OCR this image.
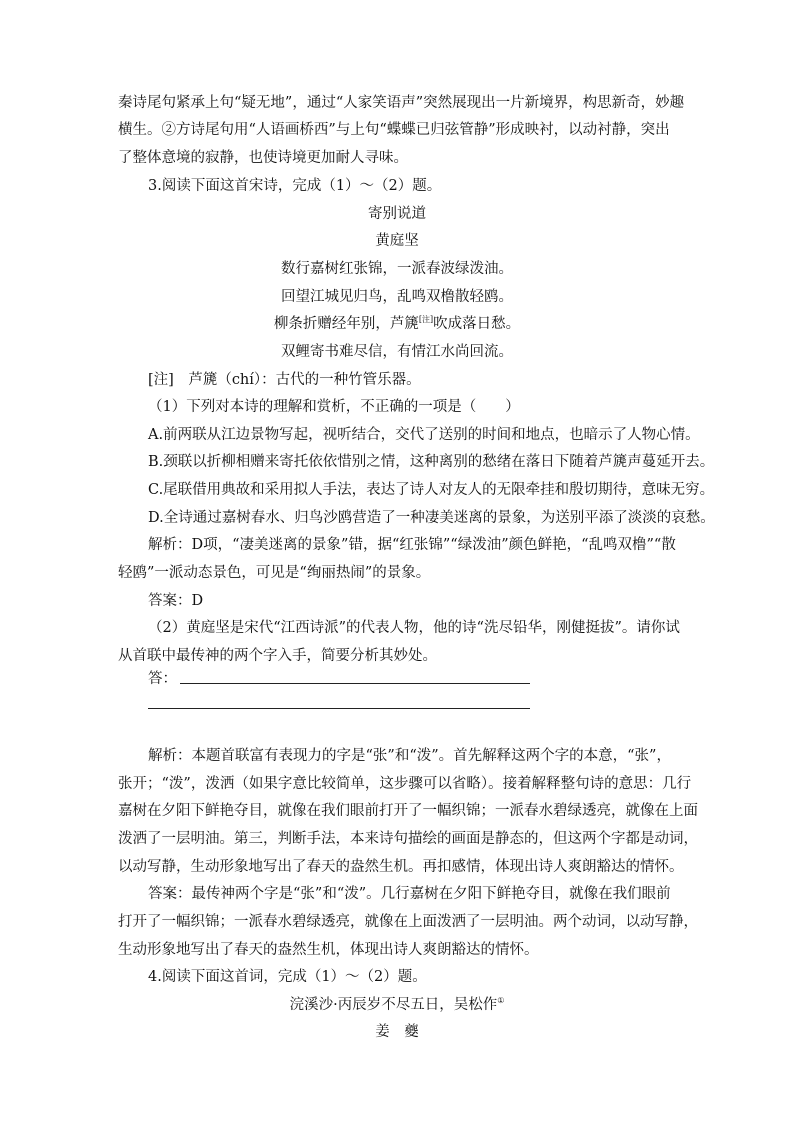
秦诗尾句紧承上句“疑无地”，通过“人家笑语声”突然展现出一片新境界，构思新奇，妙趣
横生。②方诗尾句用“人语画桥西”与上句“蝶蝶已归弦管静”形成映衬，以动衬静，突出
了整体意境的寂静，也使诗境更加耐人寻味。
3.阅读下面这首宋诗，完成（1）～（2）题。
寄别说道
黄庭坚
数行嘉树红张锦，一派春波绿泼油。
回望江城见归鸟，乱鸣双橹散轻鸥。
柳条折赠经年别，芦篪[注]吹成落日愁。
双鲤寄书难尽信，有情江水尚回流。
[注]　芦篪（chí）：古代的一种竹管乐器。
（1）下列对本诗的理解和赏析，不正确的一项是（　　）
A.前两联从江边景物写起，视听结合，交代了送别的时间和地点，也暗示了人物心情。
B.颈联以折柳相赠来寄托依依惜别之情，这种离别的愁绪在落日下随着芦篪声蔓延开去。
C.尾联借用典故和采用拟人手法，表达了诗人对友人的无限牵挂和殷切期待，意味无穷。
D.全诗通过嘉树春水、归鸟沙鸥营造了一种凄美迷离的景象，为送别平添了淡淡的哀愁。
解析：D项，“凄美迷离的景象”错，据“红张锦”“绿泼油”颜色鲜艳，“乱鸣双橹”“散
轻鸥”一派动态景色，可见是“绚丽热闹”的景象。
答案：D
（2）黄庭坚是宋代“江西诗派”的代表人物，他的诗“洗尽铅华，刚健挺拔”。请你试
从首联中最传神的两个字入手，简要分析其妙处。
答：
解析：本题首联富有表现力的字是“张”和“泼”。首先解释这两个字的本意，“张”，
张开；“泼”，泼洒（如果字意比较简单，这步骤可以省略）。接着解释整句诗的意思：几行
嘉树在夕阳下鲜艳夺目，就像在我们眼前打开了一幅织锦；一派春水碧绿透亮，就像在上面
泼洒了一层明油。第三，判断手法，本来诗句描绘的画面是静态的，但这两个字都是动词，
以动写静，生动形象地写出了春天的盎然生机。再扣感情，体现出诗人爽朗豁达的情怀。
答案：最传神两个字是“张”和“泼”。几行嘉树在夕阳下鲜艳夺目，就像在我们眼前
打开了一幅织锦；一派春水碧绿透亮，就像在上面泼洒了一层明油。两个动词，以动写静，
生动形象地写出了春天的盎然生机，体现出诗人爽朗豁达的情怀。
4.阅读下面这首词，完成（1）～（2）题。
浣溪沙·丙辰岁不尽五日，吴松作①
姜　夔
